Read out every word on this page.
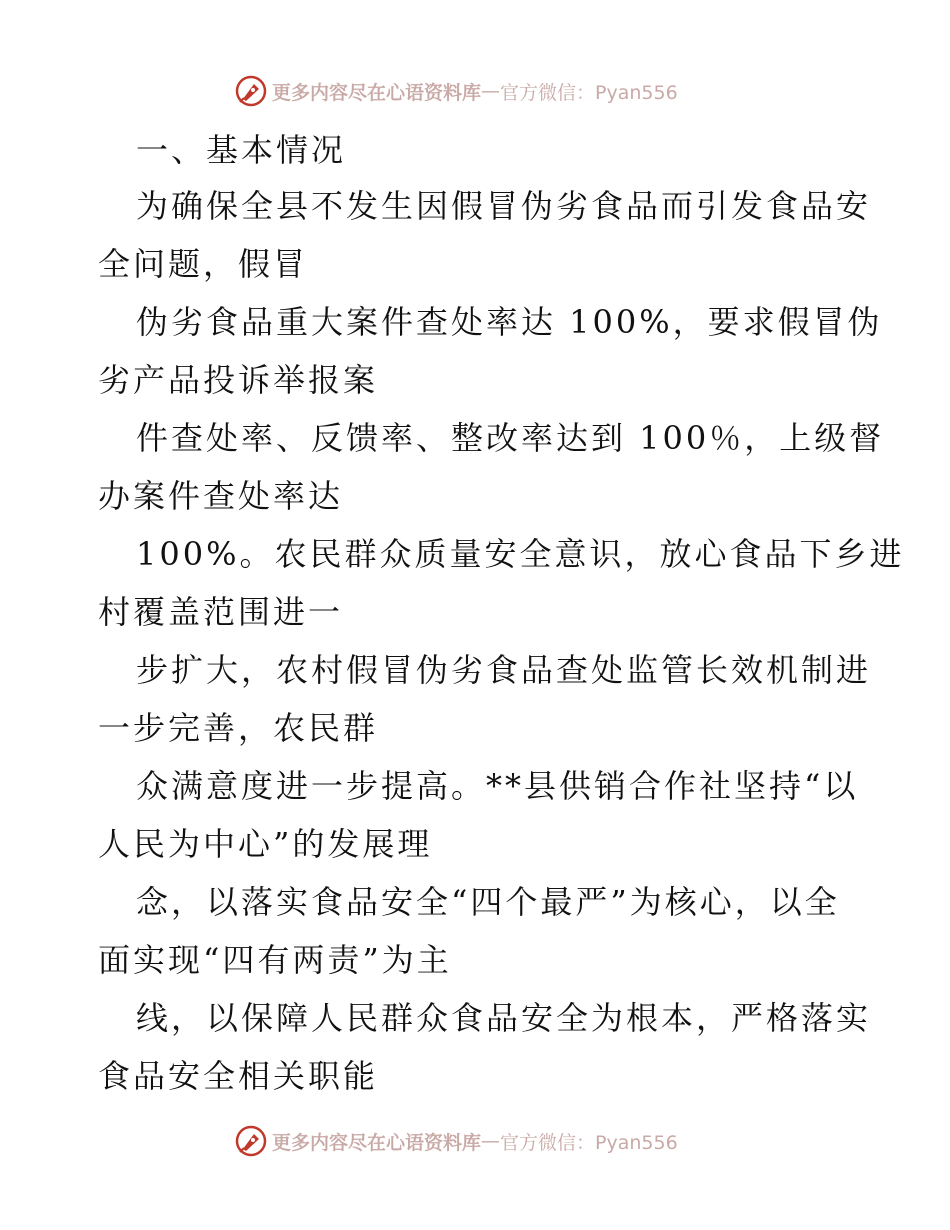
更多内容尽在心语资料库 — 官方微信：Pyan556
一、基本情况
为确保全县不发生因假冒伪劣食品而引发食品安
全问题，假冒
伪劣食品重大案件查处率达 100%，要求假冒伪
劣产品投诉举报案
件查处率、反馈率、整改率达到 100％，上级督
办案件查处率达
100%。农民群众质量安全意识，放心食品下乡进
村覆盖范围进一
步扩大，农村假冒伪劣食品查处监管长效机制进
一步完善，农民群
众满意度进一步提高。**县供销合作社坚持“以
人民为中心”的发展理
念，以落实食品安全“四个最严”为核心，以全
面实现“四有两责”为主
线，以保障人民群众食品安全为根本，严格落实
食品安全相关职能
更多内容尽在心语资料库 — 官方微信：Pyan556
